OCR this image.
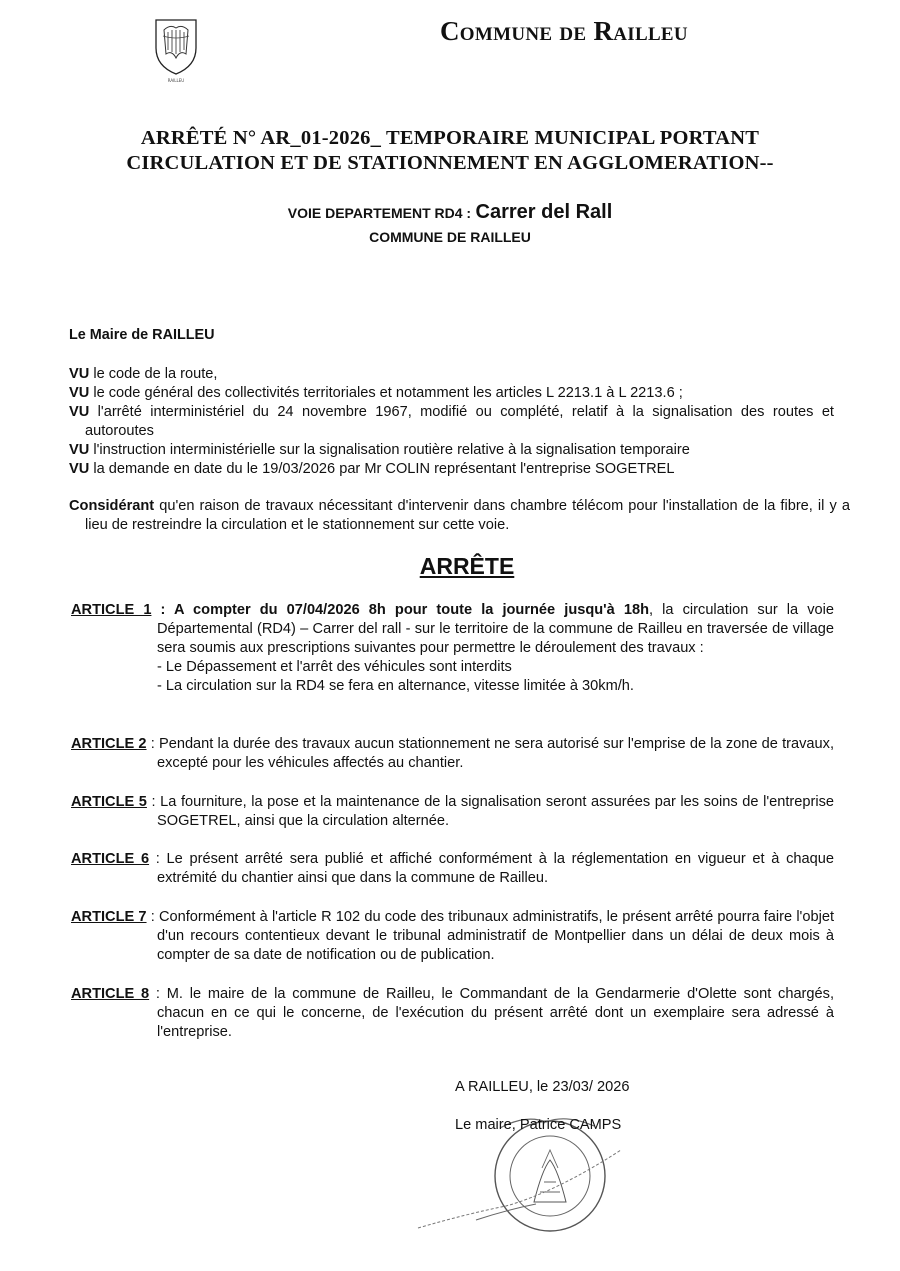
RAILLEU
Commune de Railleu
ARRÊTÉ N° AR_01-2026_ TEMPORAIRE MUNICIPAL PORTANT
CIRCULATION ET DE STATIONNEMENT EN AGGLOMERATION--
VOIE DEPARTEMENT RD4 : Carrer del Rall
COMMUNE DE RAILLEU
Le Maire de RAILLEU
VU le code de la route,
VU le code général des collectivités territoriales et notamment les articles L 2213.1 à L 2213.6 ;
VU l'arrêté interministériel du 24 novembre 1967, modifié ou complété, relatif à la signalisation des routes et autoroutes
VU l'instruction interministérielle sur la signalisation routière relative à la signalisation temporaire
VU la demande en date du le 19/03/2026 par Mr COLIN représentant l'entreprise SOGETREL
Considérant qu'en raison de travaux nécessitant d'intervenir dans chambre télécom pour l'installation de la fibre, il y a lieu de restreindre la circulation et le stationnement sur cette voie.
ARRÊTE
ARTICLE 1 : A compter du 07/04/2026 8h pour toute la journée jusqu'à 18h, la circulation sur la voie Départemental (RD4) – Carrer del rall - sur le territoire de la commune de Railleu en traversée de village sera soumis aux prescriptions suivantes pour permettre le déroulement des travaux :
- Le Dépassement et l'arrêt des véhicules sont interdits
- La circulation sur la RD4 se fera en alternance, vitesse limitée à 30km/h.
ARTICLE 2 : Pendant la durée des travaux aucun stationnement ne sera autorisé sur l'emprise de la zone de travaux, excepté pour les véhicules affectés au chantier.
ARTICLE 5 : La fourniture, la pose et la maintenance de la signalisation seront assurées par les soins de l'entreprise SOGETREL, ainsi que la circulation alternée.
ARTICLE 6 : Le présent arrêté sera publié et affiché conformément à la réglementation en vigueur et à chaque extrémité du chantier ainsi que dans la commune de Railleu.
ARTICLE 7 : Conformément à l'article R 102 du code des tribunaux administratifs, le présent arrêté pourra faire l'objet d'un recours contentieux devant le tribunal administratif de Montpellier dans un délai de deux mois à compter de sa date de notification ou de publication.
ARTICLE 8 : M. le maire de la commune de Railleu, le Commandant de la Gendarmerie d'Olette sont chargés, chacun en ce qui le concerne, de l'exécution du présent arrêté dont un exemplaire sera adressé à l'entreprise.
A RAILLEU, le 23/03/ 2026
Le maire, Patrice CAMPS
